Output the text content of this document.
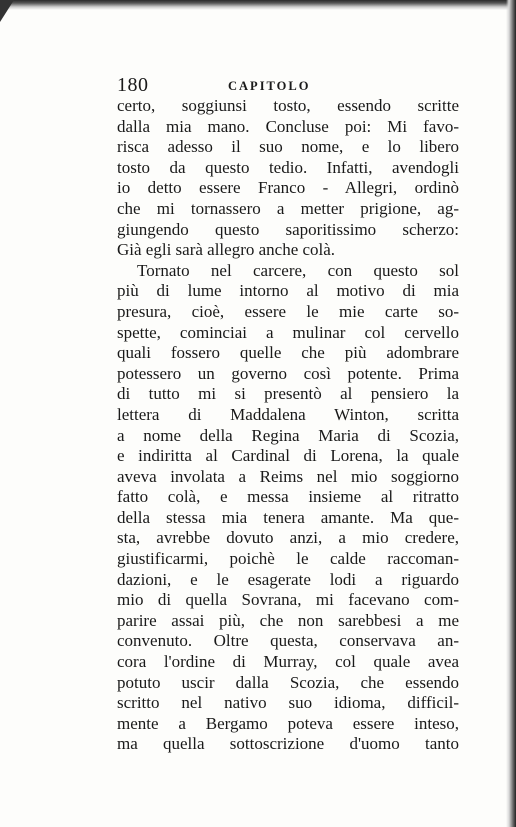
180	CAPITOLO
certo, soggiunsi tosto, essendo scritte
dalla mia mano. Concluse poi: Mi favo-
risca adesso il suo nome, e lo libero
tosto da questo tedio. Infatti, avendogli
io detto essere Franco - Allegri, ordinò
che mi tornassero a metter prigione, ag-
giungendo questo saporitissimo scherzo:
Già egli sarà allegro anche colà.
Tornato nel carcere, con questo sol
più di lume intorno al motivo di mia
presura, cioè, essere le mie carte so-
spette, cominciai a mulinar col cervello
quali fossero quelle che più adombrare
potessero un governo così potente. Prima
di tutto mi si presentò al pensiero la
lettera di Maddalena Winton, scritta
a nome della Regina Maria di Scozia,
e indiritta al Cardinal di Lorena, la quale
aveva involata a Reims nel mio soggiorno
fatto colà, e messa insieme al ritratto
della stessa mia tenera amante. Ma que-
sta, avrebbe dovuto anzi, a mio credere,
giustificarmi, poichè le calde raccoman-
dazioni, e le esagerate lodi a riguardo
mio di quella Sovrana, mi facevano com-
parire assai più, che non sarebbesi a me
convenuto. Oltre questa, conservava an-
cora l'ordine di Murray, col quale avea
potuto uscir dalla Scozia, che essendo
scritto nel nativo suo idioma, difficil-
mente a Bergamo poteva essere inteso,
ma quella sottoscrizione d'uomo tanto
